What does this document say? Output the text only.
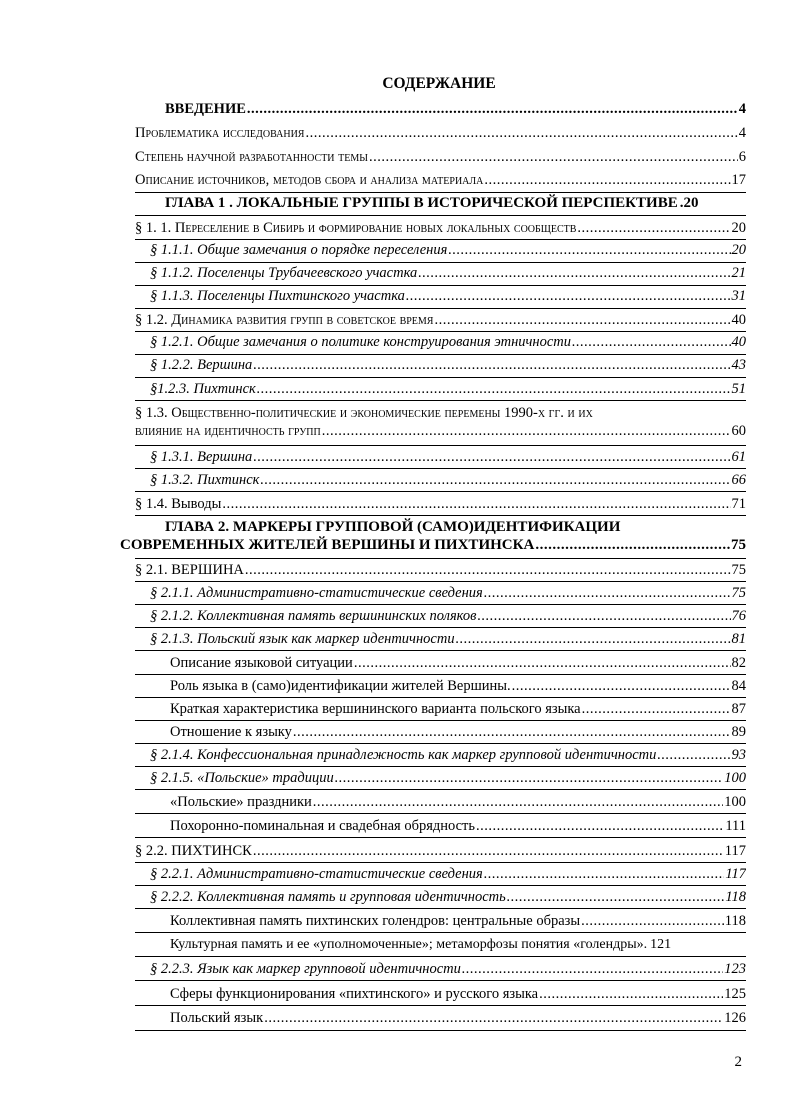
СОДЕРЖАНИЕ
ВВЕДЕНИЕ .....	4
Проблематика исследования .....	4
Степень научной разработанности темы .....	6
Описание источников, методов сбора и анализа материала .....	17
ГЛАВА 1 . ЛОКАЛЬНЫЕ ГРУППЫ В ИСТОРИЧЕСКОЙ ПЕРСПЕКТИВЕ . 20
§ 1. 1. Переселение в Сибирь и формирование новых локальных сообществ .....	20
§ 1.1.1. Общие замечания о порядке переселения .....	20
§ 1.1.2. Поселенцы Трубачеевского участка .....	21
§ 1.1.3. Поселенцы Пихтинского участка .....	31
§ 1.2. Динамика развития групп в советское время .....	40
§ 1.2.1. Общие замечания о политике конструирования этничности .....	40
§ 1.2.2. Вершина .....	43
§1.2.3. Пихтинск .....	51
§ 1.3. Общественно-политические и экономические перемены 1990-х гг. и их
влияние на идентичность групп .....	60
§ 1.3.1. Вершина .....	61
§ 1.3.2. Пихтинск .....	66
§ 1.4. Выводы .....	71
ГЛАВА 2. МАРКЕРЫ ГРУППОВОЙ (САМО)ИДЕНТИФИКАЦИИ
СОВРЕМЕННЫХ ЖИТЕЛЕЙ ВЕРШИНЫ И ПИХТИНСКА .....	75
§ 2.1. ВЕРШИНА .....	75
§ 2.1.1. Административно-статистические сведения .....	75
§ 2.1.2. Коллективная память вершининских поляков .....	76
§ 2.1.3. Польский язык как маркер идентичности .....	81
Описание языковой ситуации .....	82
Роль языка в (само)идентификации жителей Вершины. .....	84
Краткая характеристика вершининского варианта польского языка .....	87
Отношение к языку .....	89
§ 2.1.4. Конфессиональная принадлежность как маркер групповой идентичности .....	93
§ 2.1.5. «Польские» традиции .....	100
«Польские» праздники .....	100
Похоронно-поминальная и свадебная обрядность .....	111
§ 2.2. ПИХТИНСК .....	117
§ 2.2.1. Административно-статистические сведения .....	117
§ 2.2.2. Коллективная память и групповая идентичность .....	118
Коллективная память пихтинских голендров: центральные образы .....	118
Культурная память и ее «уполномоченные»; метаморфозы понятия «голендры». 121
§ 2.2.3. Язык как маркер групповой идентичности .....	123
Сферы функционирования «пихтинского» и русского языка .....	125
Польский язык .....	126
2
